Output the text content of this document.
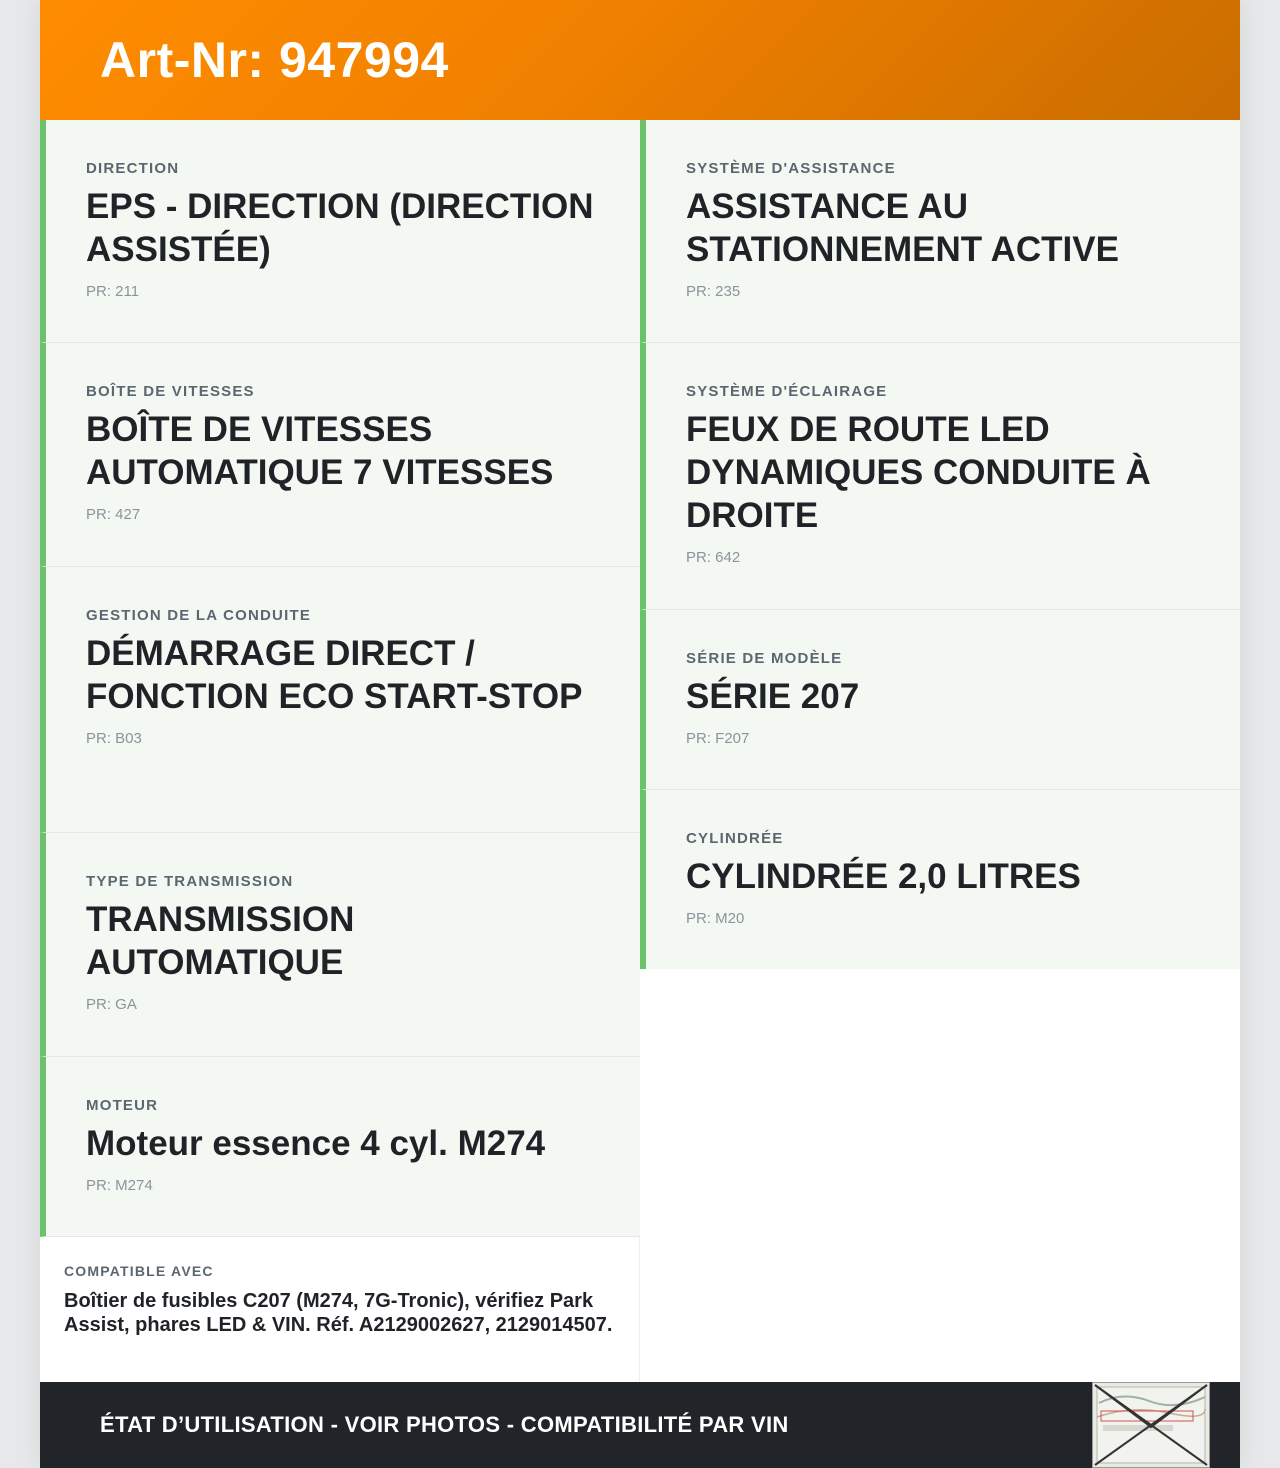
Art-Nr: 947994
DIRECTION
EPS - DIRECTION (DIRECTION ASSISTÉE)
PR: 211
BOÎTE DE VITESSES
BOÎTE DE VITESSES AUTOMATIQUE 7 VITESSES
PR: 427
GESTION DE LA CONDUITE
DÉMARRAGE DIRECT / FONCTION ECO START-STOP
PR: B03
TYPE DE TRANSMISSION
TRANSMISSION AUTOMATIQUE
PR: GA
MOTEUR
Moteur essence 4 cyl. M274
PR: M274
COMPATIBLE AVEC
Boîtier de fusibles C207 (M274, 7G-Tronic), vérifiez Park Assist, phares LED & VIN. Réf. A2129002627, 2129014507.
SYSTÈME D'ASSISTANCE
ASSISTANCE AU STATIONNEMENT ACTIVE
PR: 235
SYSTÈME D'ÉCLAIRAGE
FEUX DE ROUTE LED DYNAMIQUES CONDUITE À DROITE
PR: 642
SÉRIE DE MODÈLE
SÉRIE 207
PR: F207
CYLINDRÉE
CYLINDRÉE 2,0 LITRES
PR: M20
ÉTAT D’UTILISATION - VOIR PHOTOS - COMPATIBILITÉ PAR VIN
